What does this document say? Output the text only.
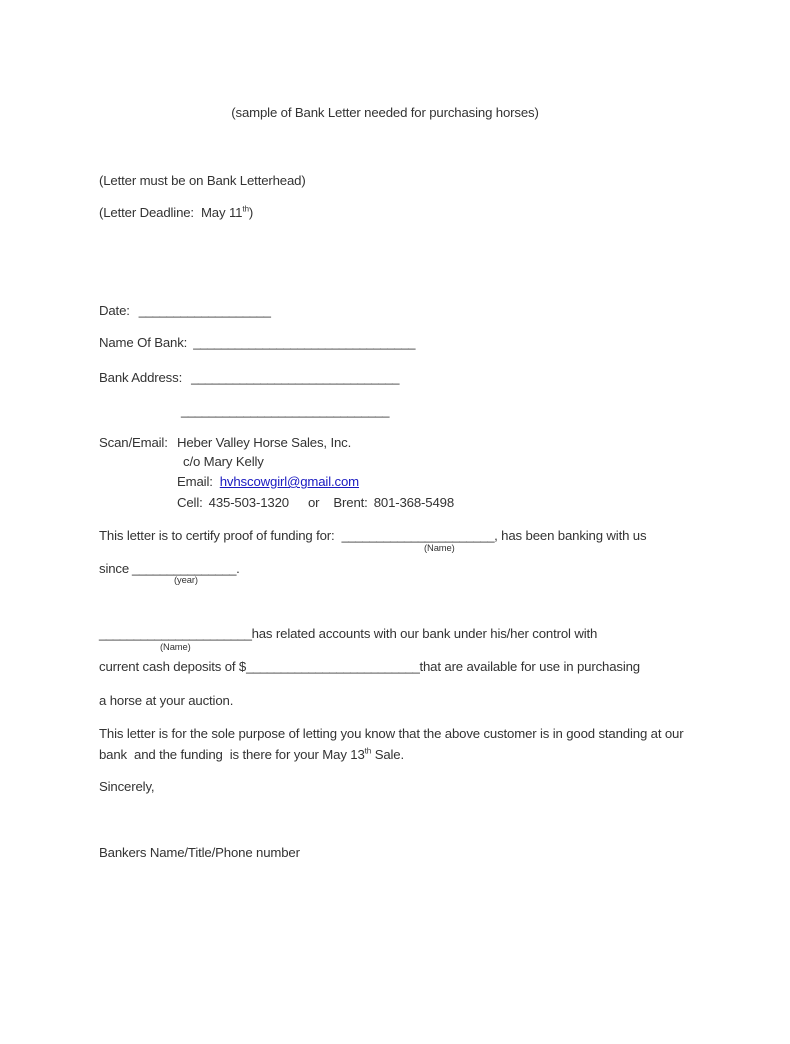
(sample of Bank Letter needed for purchasing horses)
(Letter must be on Bank Letterhead)
(Letter Deadline:  May 11th)
Date: ___________________
Name Of Bank: ________________________________
Bank Address: ______________________________
______________________________
Scan/Email: Heber Valley Horse Sales, Inc.
c/o Mary Kelly
Email: hvhscowgirl@gmail.com
Cell: 435-503-1320 or Brent: 801-368-5498
This letter is to certify proof of funding for:  ______________________, has been banking with us
(Name)
since _______________.
(year)
______________________has related accounts with our bank under his/her control with
(Name)
current cash deposits of $_________________________that are available for use in purchasing
a horse at your auction.
This letter is for the sole purpose of letting you know that the above customer is in good standing at our
bank  and the funding  is there for your May 13th Sale.
Sincerely,
Bankers Name/Title/Phone number
